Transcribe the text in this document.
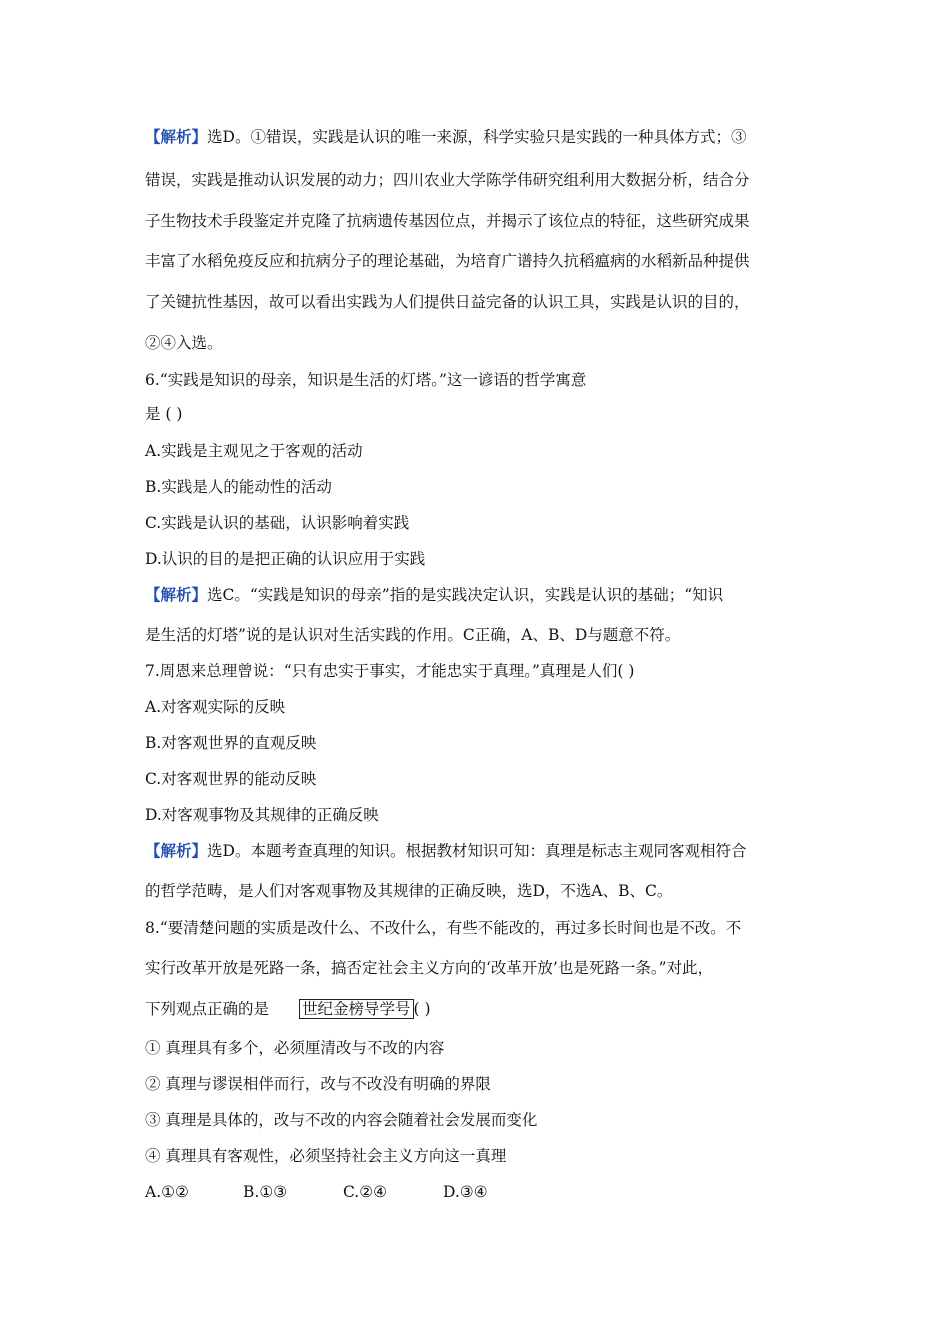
【解析】选D。①错误，实践是认识的唯一来源，科学实验只是实践的一种具体方式；③
错误，实践是推动认识发展的动力；四川农业大学陈学伟研究组利用大数据分析，结合分
子生物技术手段鉴定并克隆了抗病遗传基因位点，并揭示了该位点的特征，这些研究成果
丰富了水稻免疫反应和抗病分子的理论基础，为培育广谱持久抗稻瘟病的水稻新品种提供
了关键抗性基因，故可以看出实践为人们提供日益完备的认识工具，实践是认识的目的，
②④入选。
6.“实践是知识的母亲，知识是生活的灯塔。”这一谚语的哲学寓意
是 ( )
A.实践是主观见之于客观的活动
B.实践是人的能动性的活动
C.实践是认识的基础，认识影响着实践
D.认识的目的是把正确的认识应用于实践
【解析】选C。“实践是知识的母亲”指的是实践决定认识，实践是认识的基础；“知识
是生活的灯塔”说的是认识对生活实践的作用。C正确，A、B、D与题意不符。
7.周恩来总理曾说：“只有忠实于事实，才能忠实于真理。”真理是人们( )
A.对客观实际的反映
B.对客观世界的直观反映
C.对客观世界的能动反映
D.对客观事物及其规律的正确反映
【解析】选D。本题考查真理的知识。根据教材知识可知：真理是标志主观同客观相符合
的哲学范畴，是人们对客观事物及其规律的正确反映，选D，不选A、B、C。
8.“要清楚问题的实质是改什么、不改什么，有些不能改的，再过多长时间也是不改。不
实行改革开放是死路一条，搞否定社会主义方向的‘改革开放’也是死路一条。”对此，
下列观点正确的是 世纪金榜导学号 ( )
① 真理具有多个，必须厘清改与不改的内容
② 真理与谬误相伴而行，改与不改没有明确的界限
③ 真理是具体的，改与不改的内容会随着社会发展而变化
④ 真理具有客观性，必须坚持社会主义方向这一真理
A.①②	B.①③	C.②④	D.③④
